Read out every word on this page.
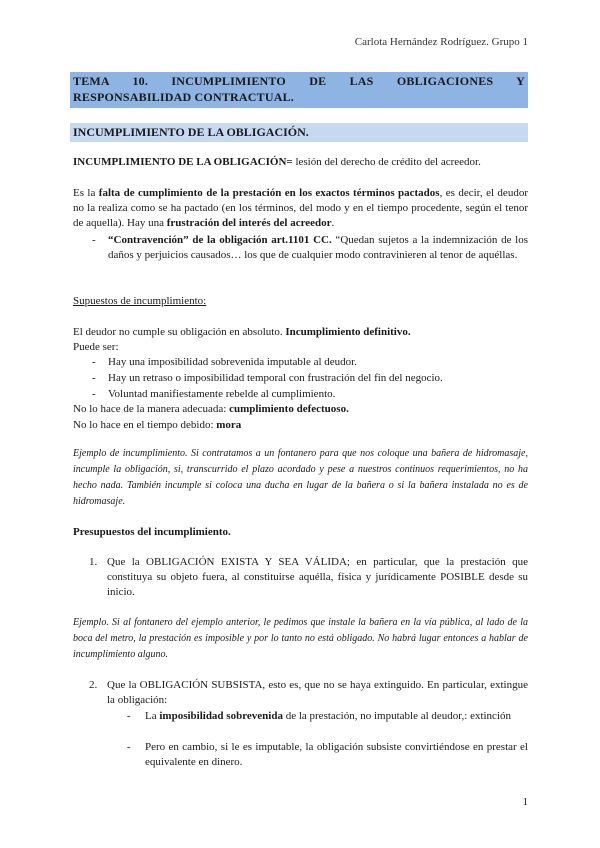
Carlota Hernández Rodríguez. Grupo 1
TEMA 10. INCUMPLIMIENTO DE LAS OBLIGACIONES Y RESPONSABILIDAD CONTRACTUAL.
INCUMPLIMIENTO DE LA OBLIGACIÓN.
INCUMPLIMIENTO DE LA OBLIGACIÓN= lesión del derecho de crédito del acreedor.
Es la falta de cumplimiento de la prestación en los exactos términos pactados, es decir, el deudor no la realiza como se ha pactado (en los términos, del modo y en el tiempo procedente, según el tenor de aquella). Hay una frustración del interés del acreedor.
- “Contravención” de la obligación art.1101 CC. “Quedan sujetos a la indemnización de los daños y perjuicios causados… los que de cualquier modo contravinieren al tenor de aquéllas.
Supuestos de incumplimiento:
El deudor no cumple su obligación en absoluto. Incumplimiento definitivo.
Puede ser:
- Hay una imposibilidad sobrevenida imputable al deudor.
- Hay un retraso o imposibilidad temporal con frustración del fin del negocio.
- Voluntad manifiestamente rebelde al cumplimiento.
No lo hace de la manera adecuada: cumplimiento defectuoso.
No lo hace en el tiempo debido: mora
Ejemplo de incumplimiento. Si contratamos a un fontanero para que nos coloque una bañera de hidromasaje, incumple la obligación, si, transcurrido el plazo acordado y pese a nuestros continuos requerimientos, no ha hecho nada. También incumple si coloca una ducha en lugar de la bañera o si la bañera instalada no es de hidromasaje.
Presupuestos del incumplimiento.
1. Que la OBLIGACIÓN EXISTA Y SEA VÁLIDA; en particular, que la prestación que constituya su objeto fuera, al constituirse aquélla, física y jurídicamente POSIBLE desde su inicio.
Ejemplo. Si al fontanero del ejemplo anterior, le pedimos que instale la bañera en la vía pública, al lado de la boca del metro, la prestación es imposible y por lo tanto no está obligado. No habrá lugar entonces a hablar de incumplimiento alguno.
2. Que la OBLIGACIÓN SUBSISTA, esto es, que no se haya extinguido. En particular, extingue la obligación:
- La imposibilidad sobrevenida de la prestación, no imputable al deudor,: extinción
- Pero en cambio, si le es imputable, la obligación subsiste convirtiéndose en prestar el equivalente en dinero.
1
